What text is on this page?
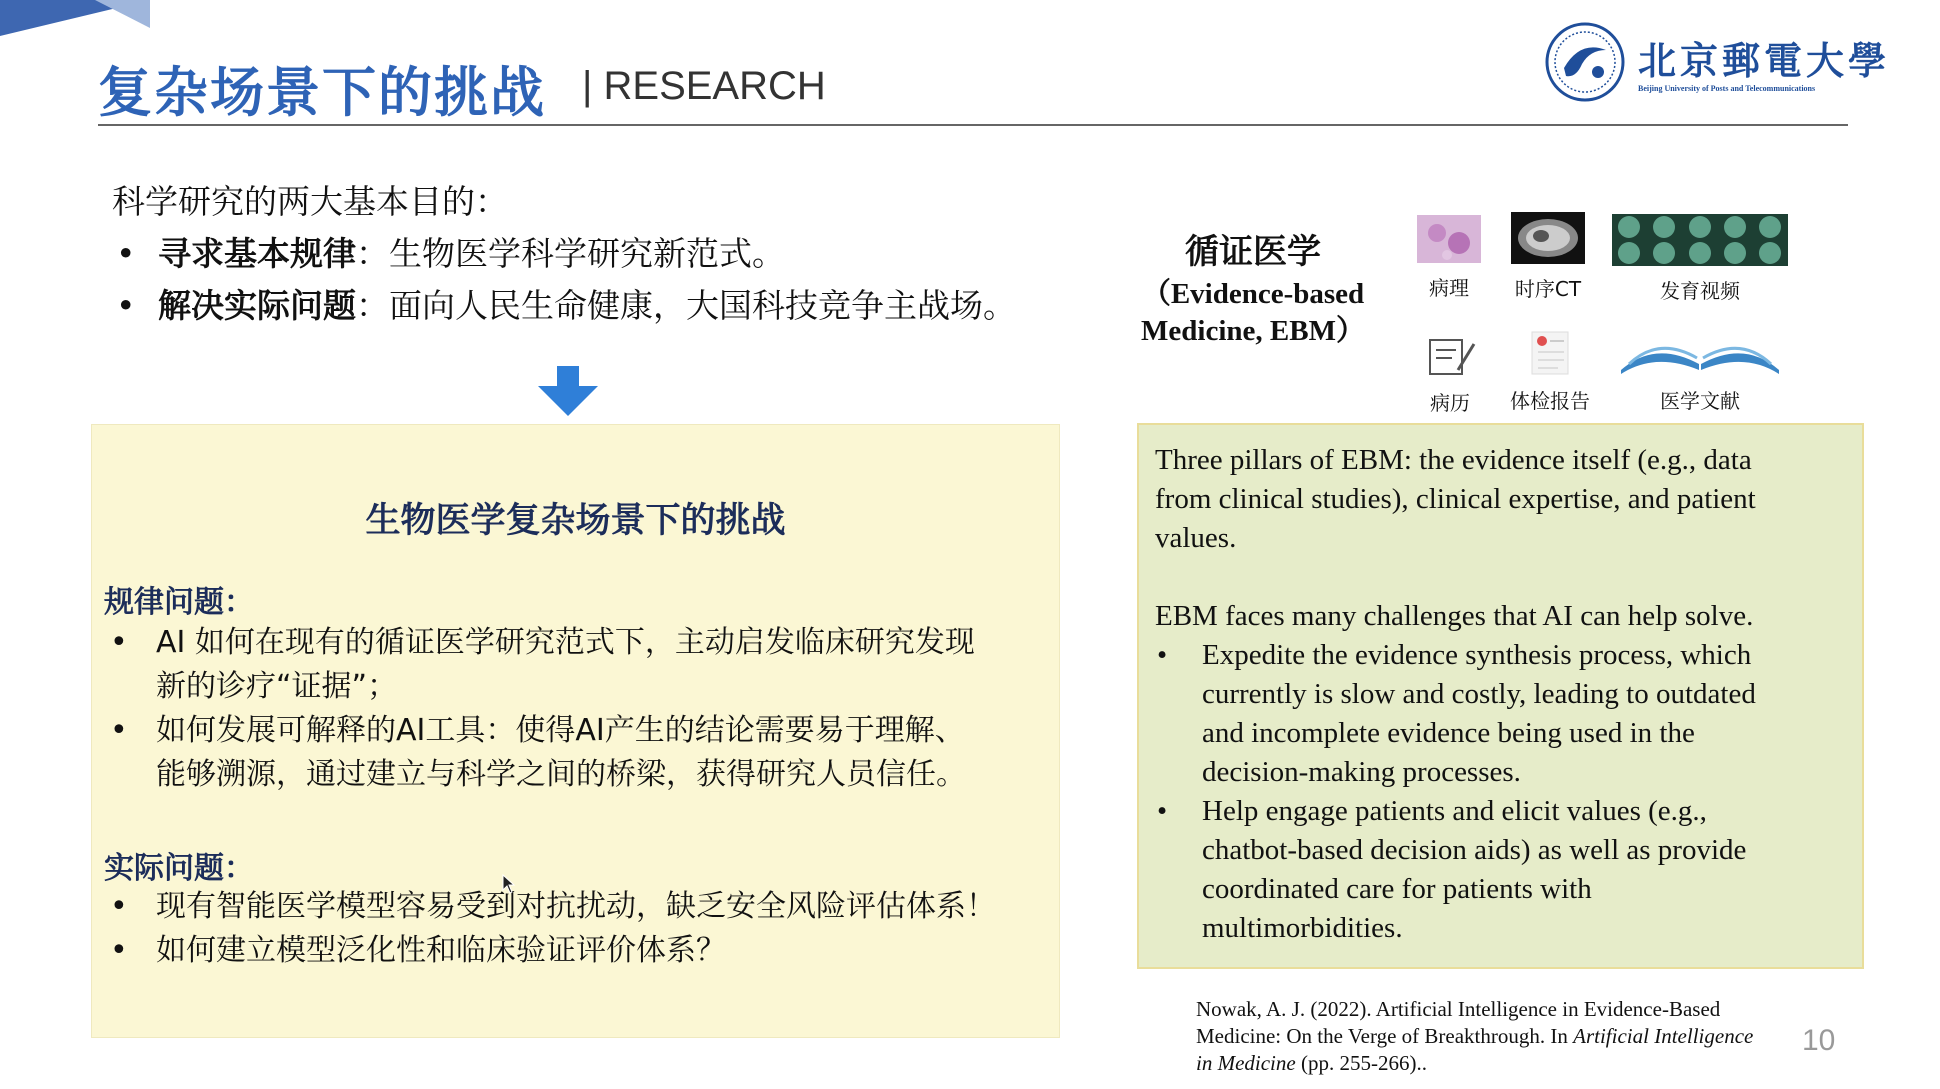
复杂场景下的挑战 | RESEARCH
北京郵電大學
Beijing University of Posts and Telecommunications
科学研究的两大基本目的：
• 寻求基本规律：生物医学科学研究新范式。
• 解决实际问题：面向人民生命健康，大国科技竞争主战场。
循证医学
（Evidence-based
Medicine, EBM）
病理	时序CT	发育视频
病历	体检报告	医学文献
生物医学复杂场景下的挑战
规律问题：
• AI 如何在现有的循证医学研究范式下，主动启发临床研究发现
新的诊疗“证据”；
• 如何发展可解释的AI工具：使得AI产生的结论需要易于理解、
能够溯源，通过建立与科学之间的桥梁，获得研究人员信任。
实际问题：
• 现有智能医学模型容易受到对抗扰动，缺乏安全风险评估体系！
• 如何建立模型泛化性和临床验证评价体系？

Three pillars of EBM: the evidence itself (e.g., data

from clinical studies), clinical expertise, and patient

values.

EBM faces many challenges that AI can help solve.

•	Expedite the evidence synthesis process, which

currently is slow and costly, leading to outdated

and incomplete evidence being used in the

decision-making processes.

•	Help engage patients and elicit values (e.g.,

chatbot-based decision aids) as well as provide

coordinated care for patients with

multimorbidities.

Nowak, A. J. (2022). Artificial Intelligence in Evidence-Based
Medicine: On the Verge of Breakthrough. In Artificial Intelligence
in Medicine (pp. 255-266)..
10
